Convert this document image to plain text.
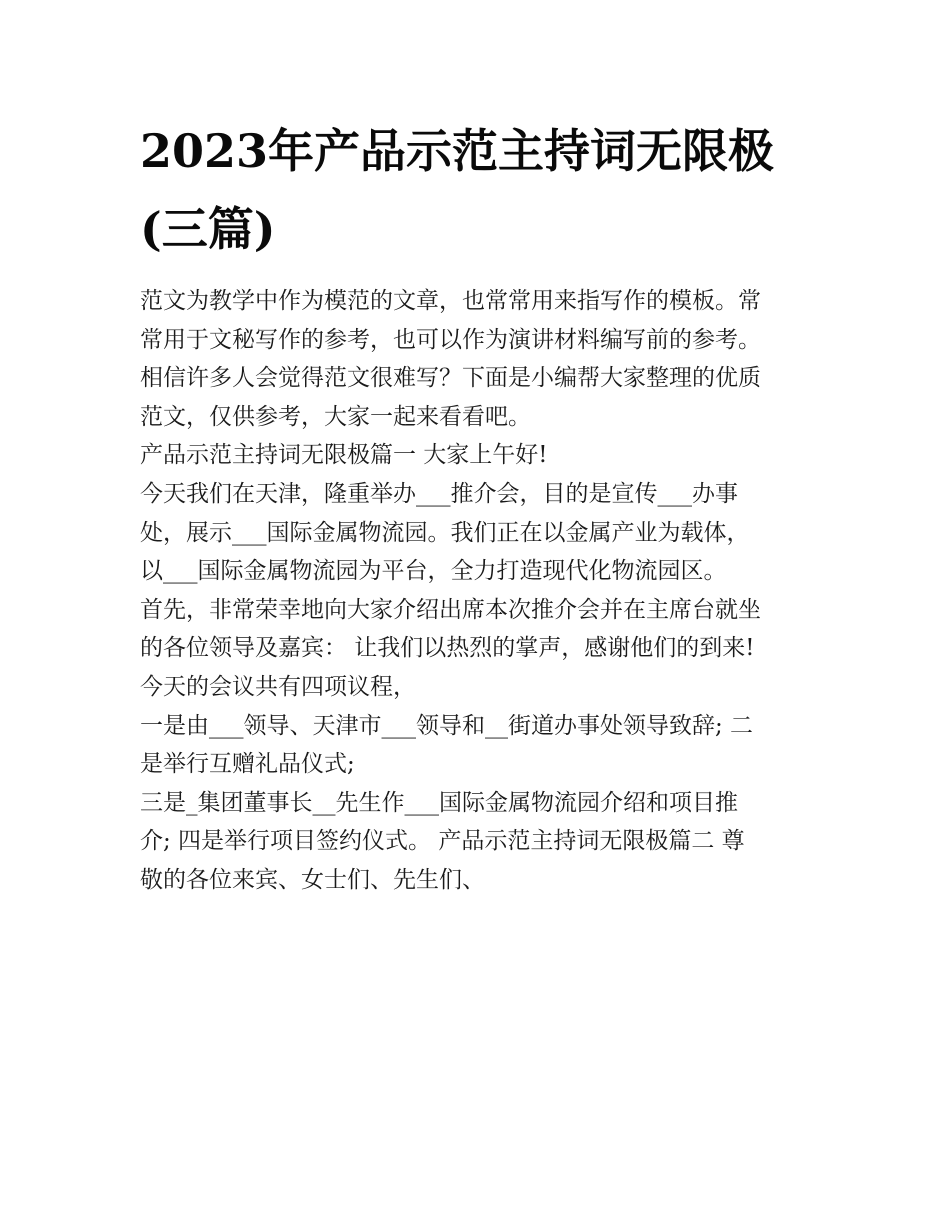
2023年产品示范主持词无限极
(三篇)
范文为教学中作为模范的文章，也常常用来指写作的模板。常
常用于文秘写作的参考，也可以作为演讲材料编写前的参考。
相信许多人会觉得范文很难写？下面是小编帮大家整理的优质
范文，仅供参考，大家一起来看看吧。
产品示范主持词无限极篇一 大家上午好!
今天我们在天津，隆重举办___推介会，目的是宣传___办事
处，展示___国际金属物流园。我们正在以金属产业为载体，
以___国际金属物流园为平台，全力打造现代化物流园区。
首先，非常荣幸地向大家介绍出席本次推介会并在主席台就坐
的各位领导及嘉宾： 让我们以热烈的掌声，感谢他们的到来!
今天的会议共有四项议程，
一是由___领导、天津市___领导和__街道办事处领导致辞; 二
是举行互赠礼品仪式;
三是_集团董事长__先生作___国际金属物流园介绍和项目推
介; 四是举行项目签约仪式。 产品示范主持词无限极篇二 尊
敬的各位来宾、女士们、先生们、
